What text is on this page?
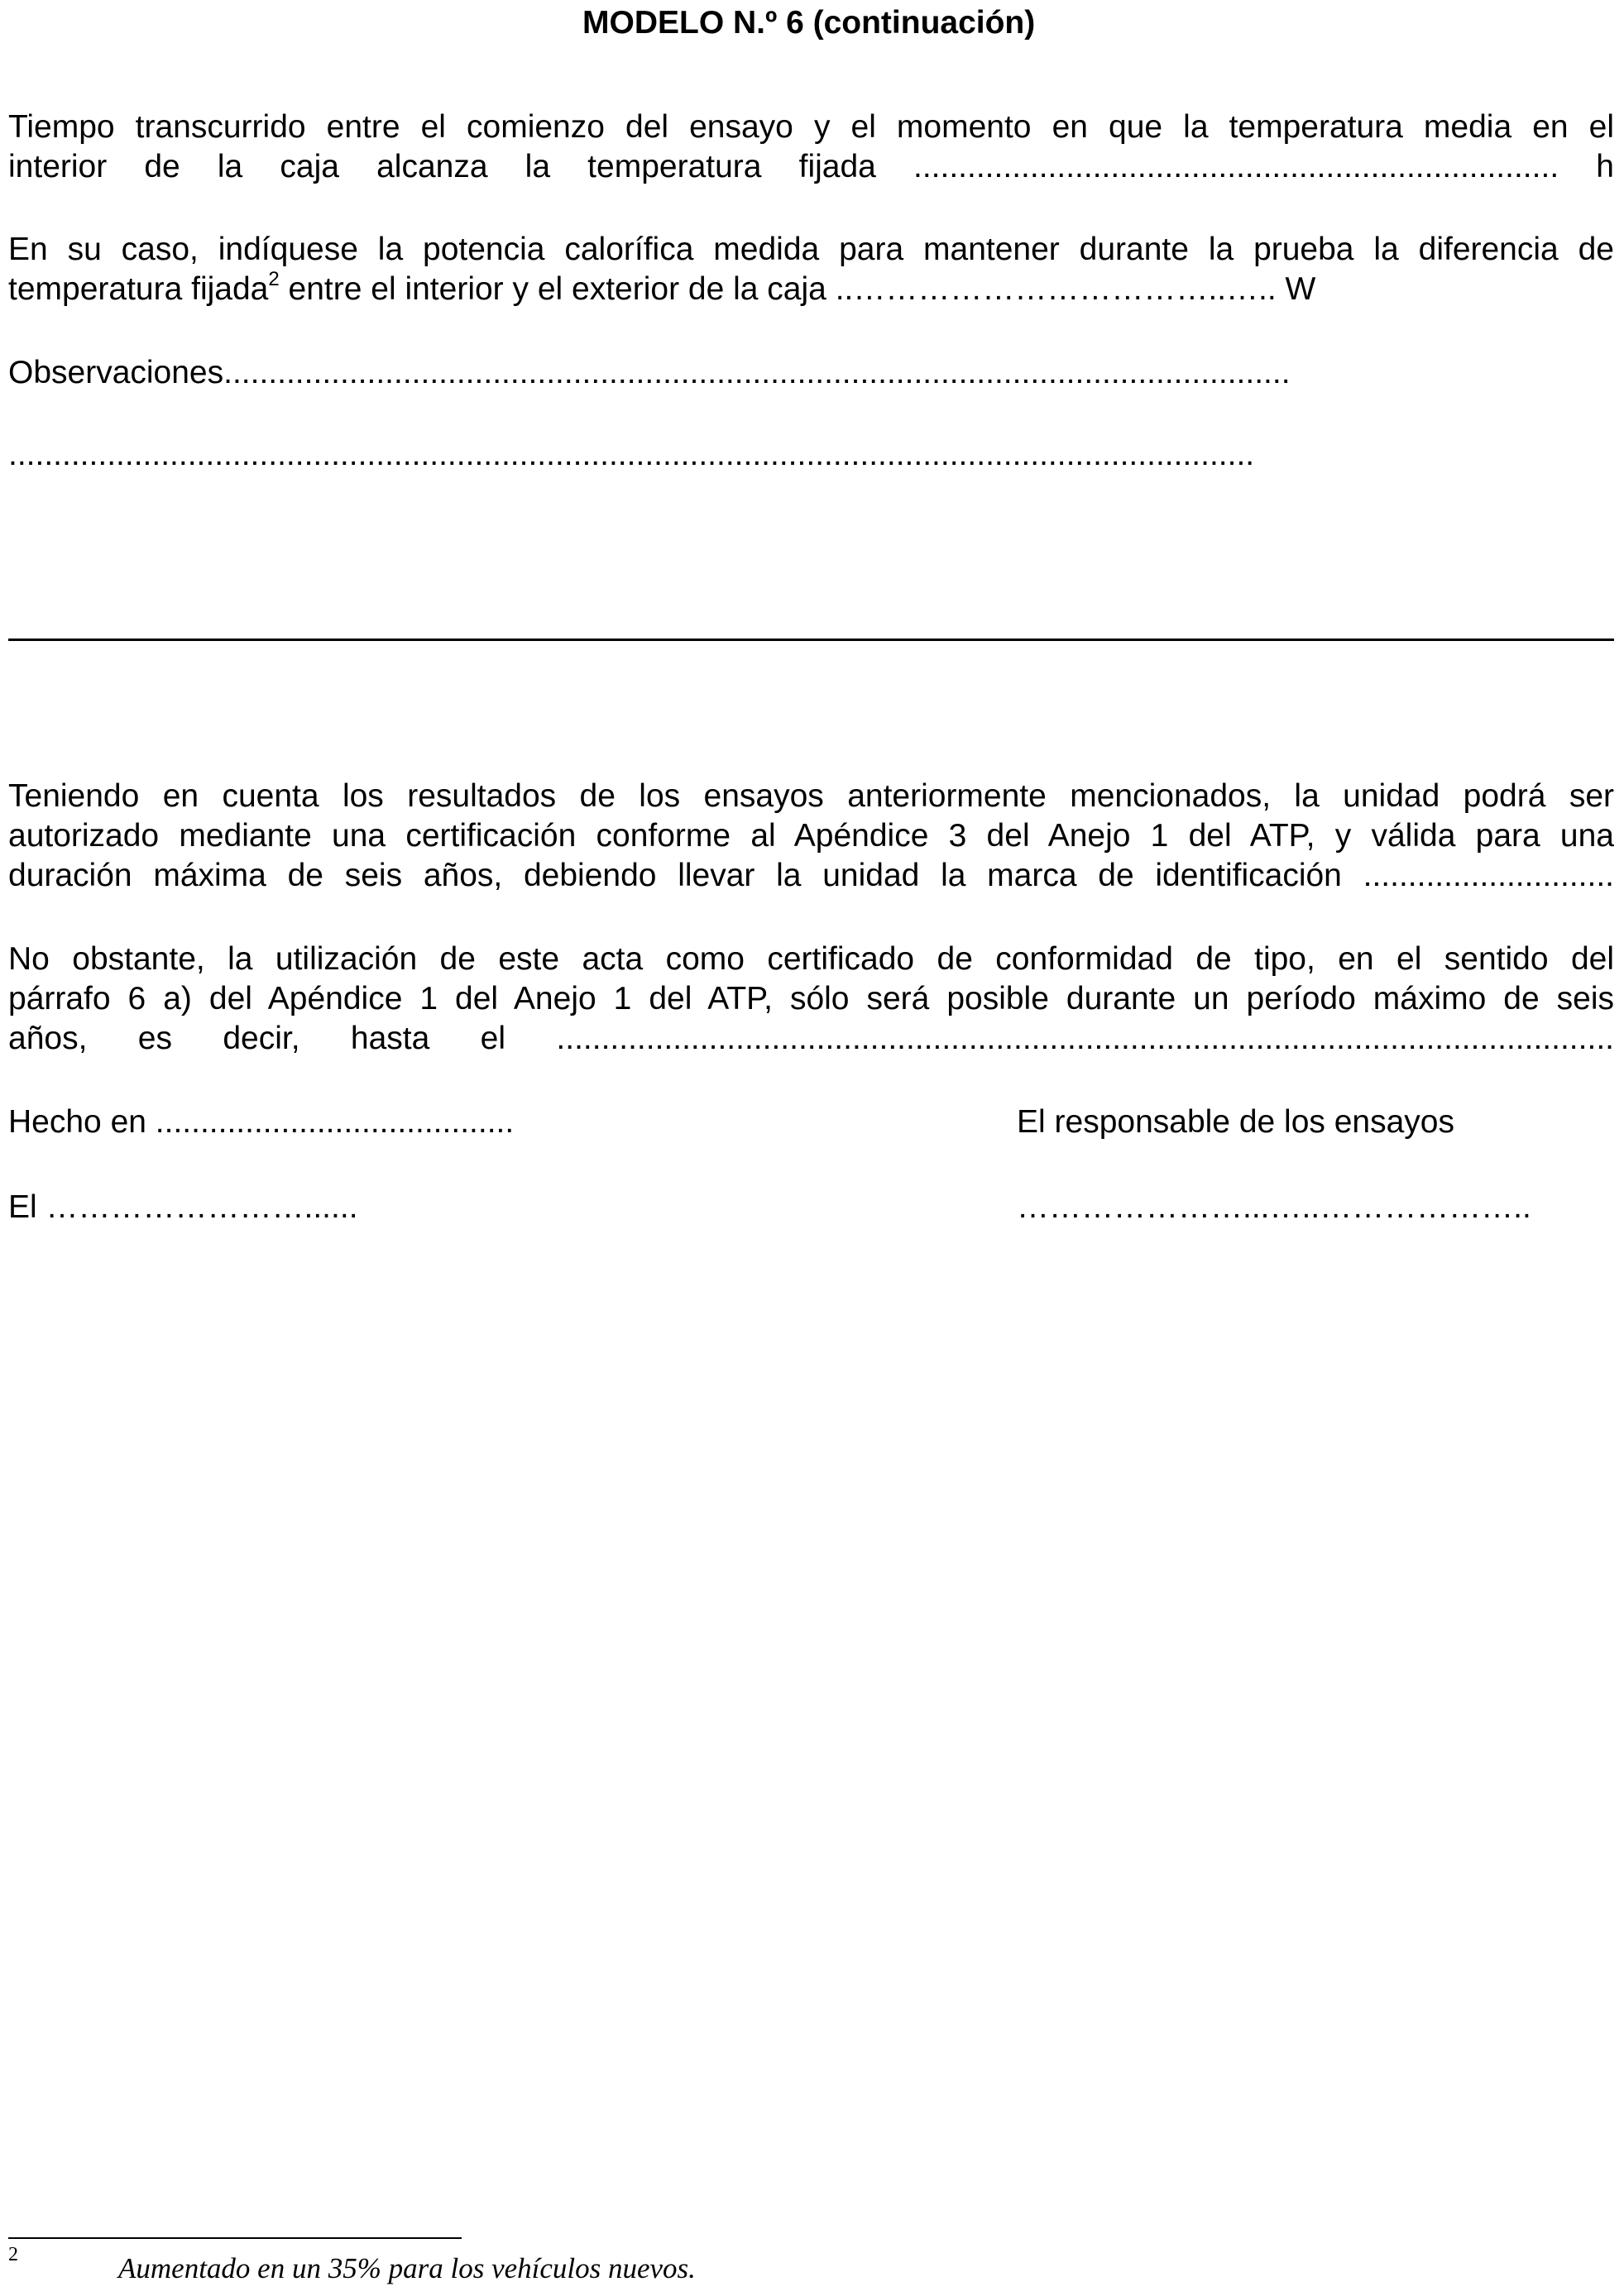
MODELO N.º 6 (continuación)
Tiempo transcurrido entre el comienzo del ensayo y el momento en que la temperatura media en el
interior de la caja alcanza la temperatura fijada ........................................................................ h
En su caso, indíquese la potencia calorífica medida para mantener durante la prueba la diferencia de
temperatura fijada$^2$ entre el interior y el exterior de la caja ..……………………………..….. W
Observaciones.......................................................................................................................
...........................................................................................................................................
Teniendo en cuenta los resultados de los ensayos anteriormente mencionados, la unidad podrá ser
autorizado mediante una certificación conforme al Apéndice 3 del Anejo 1 del ATP, y válida para una
duración máxima de seis años, debiendo llevar la unidad la marca de identificación ............................
No obstante, la utilización de este acta como certificado de conformidad de tipo, en el sentido del
párrafo 6 a) del Apéndice 1 del Anejo 1 del ATP, sólo será posible durante un período máximo de seis
años, es decir, hasta el ......................................................................................................................
Hecho en ........................................	El responsable de los ensayos
El ……………………......	…………………...…..………………..
2	Aumentado en un 35% para los vehículos nuevos.
